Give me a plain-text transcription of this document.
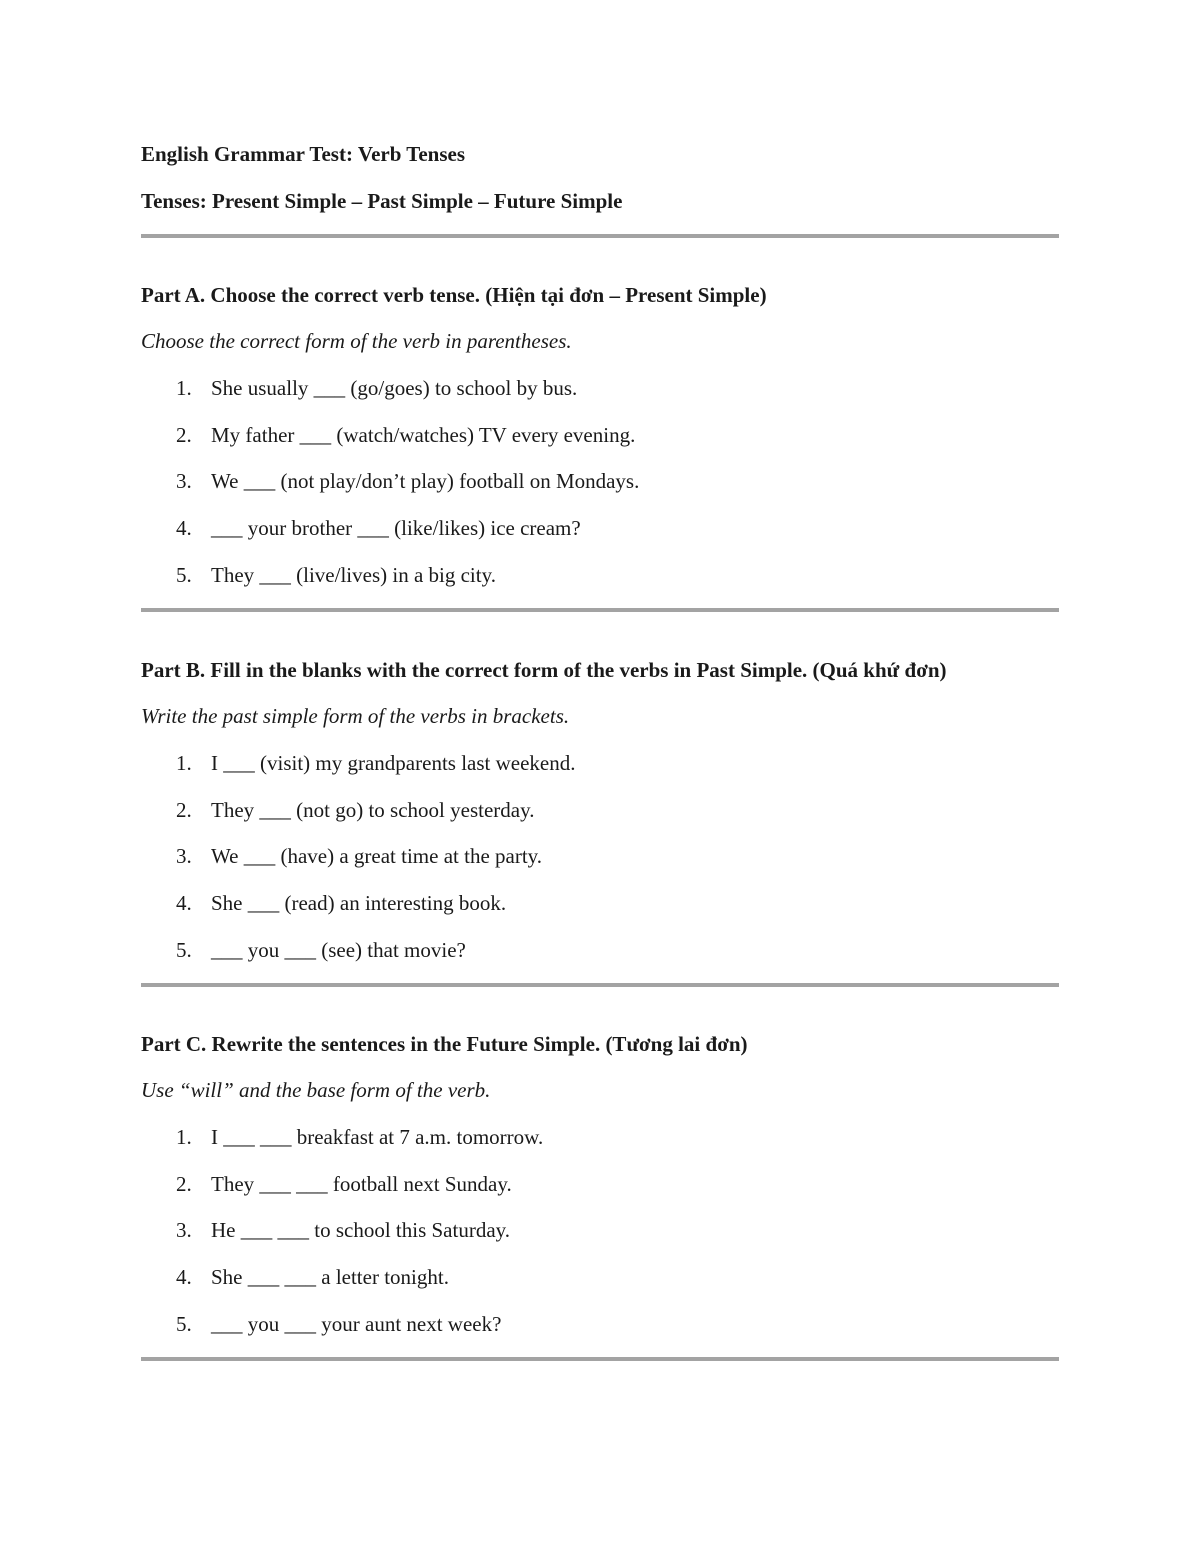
English Grammar Test: Verb Tenses
Tenses: Present Simple – Past Simple – Future Simple
Part A. Choose the correct verb tense. (Hiện tại đơn – Present Simple)
Choose the correct form of the verb in parentheses.
1. She usually ___ (go/goes) to school by bus.
2. My father ___ (watch/watches) TV every evening.
3. We ___ (not play/don’t play) football on Mondays.
4. ___ your brother ___ (like/likes) ice cream?
5. They ___ (live/lives) in a big city.
Part B. Fill in the blanks with the correct form of the verbs in Past Simple. (Quá khứ đơn)
Write the past simple form of the verbs in brackets.
1. I ___ (visit) my grandparents last weekend.
2. They ___ (not go) to school yesterday.
3. We ___ (have) a great time at the party.
4. She ___ (read) an interesting book.
5. ___ you ___ (see) that movie?
Part C. Rewrite the sentences in the Future Simple. (Tương lai đơn)
Use “will” and the base form of the verb.
1. I ___ ___ breakfast at 7 a.m. tomorrow.
2. They ___ ___ football next Sunday.
3. He ___ ___ to school this Saturday.
4. She ___ ___ a letter tonight.
5. ___ you ___ your aunt next week?
